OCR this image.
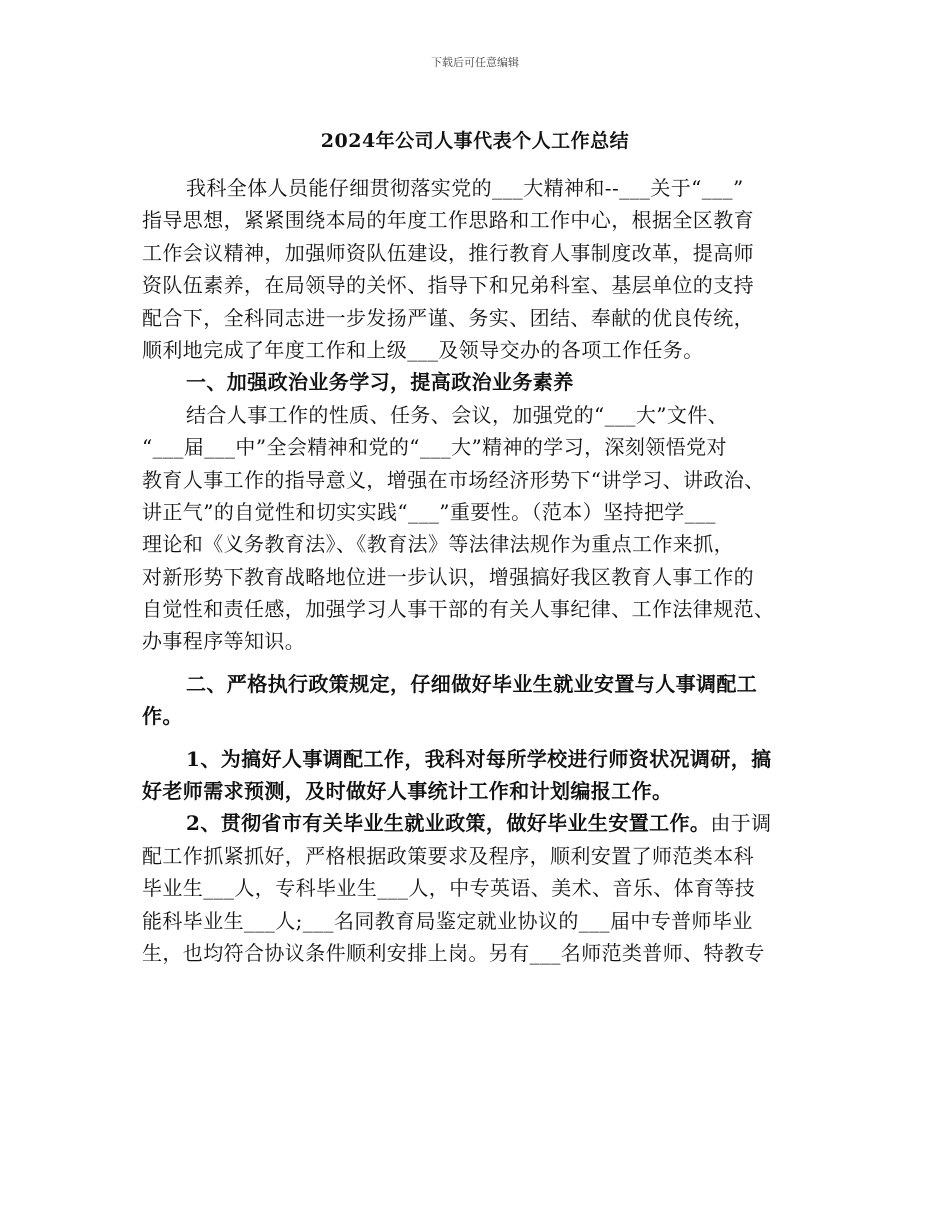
下载后可任意编辑
2024年公司人事代表个人工作总结
我科全体人员能仔细贯彻落实党的___大精神和--___关于“___”
指导思想，紧紧围绕本局的年度工作思路和工作中心，根据全区教育
工作会议精神，加强师资队伍建设，推行教育人事制度改革，提高师
资队伍素养，在局领导的关怀、指导下和兄弟科室、基层单位的支持
配合下，全科同志进一步发扬严谨、务实、团结、奉献的优良传统，
顺利地完成了年度工作和上级___及领导交办的各项工作任务。
一、加强政治业务学习，提高政治业务素养
结合人事工作的性质、任务、会议，加强党的“___大”文件、
“___届___中”全会精神和党的“___大”精神的学习，深刻领悟党对
教育人事工作的指导意义，增强在市场经济形势下“讲学习、讲政治、
讲正气”的自觉性和切实实践“___”重要性。（范本）坚持把学___
理论和《义务教育法》、《教育法》等法律法规作为重点工作来抓，
对新形势下教育战略地位进一步认识，增强搞好我区教育人事工作的
自觉性和责任感，加强学习人事干部的有关人事纪律、工作法律规范、
办事程序等知识。
二、严格执行政策规定，仔细做好毕业生就业安置与人事调配工
作。
1、为搞好人事调配工作，我科对每所学校进行师资状况调研，搞
好老师需求预测，及时做好人事统计工作和计划编报工作。
2、贯彻省市有关毕业生就业政策，做好毕业生安置工作。由于调
配工作抓紧抓好，严格根据政策要求及程序，顺利安置了师范类本科
毕业生___人，专科毕业生___人，中专英语、美术、音乐、体育等技
能科毕业生___人;___名同教育局鉴定就业协议的___届中专普师毕业
生，也均符合协议条件顺利安排上岗。另有___名师范类普师、特教专
